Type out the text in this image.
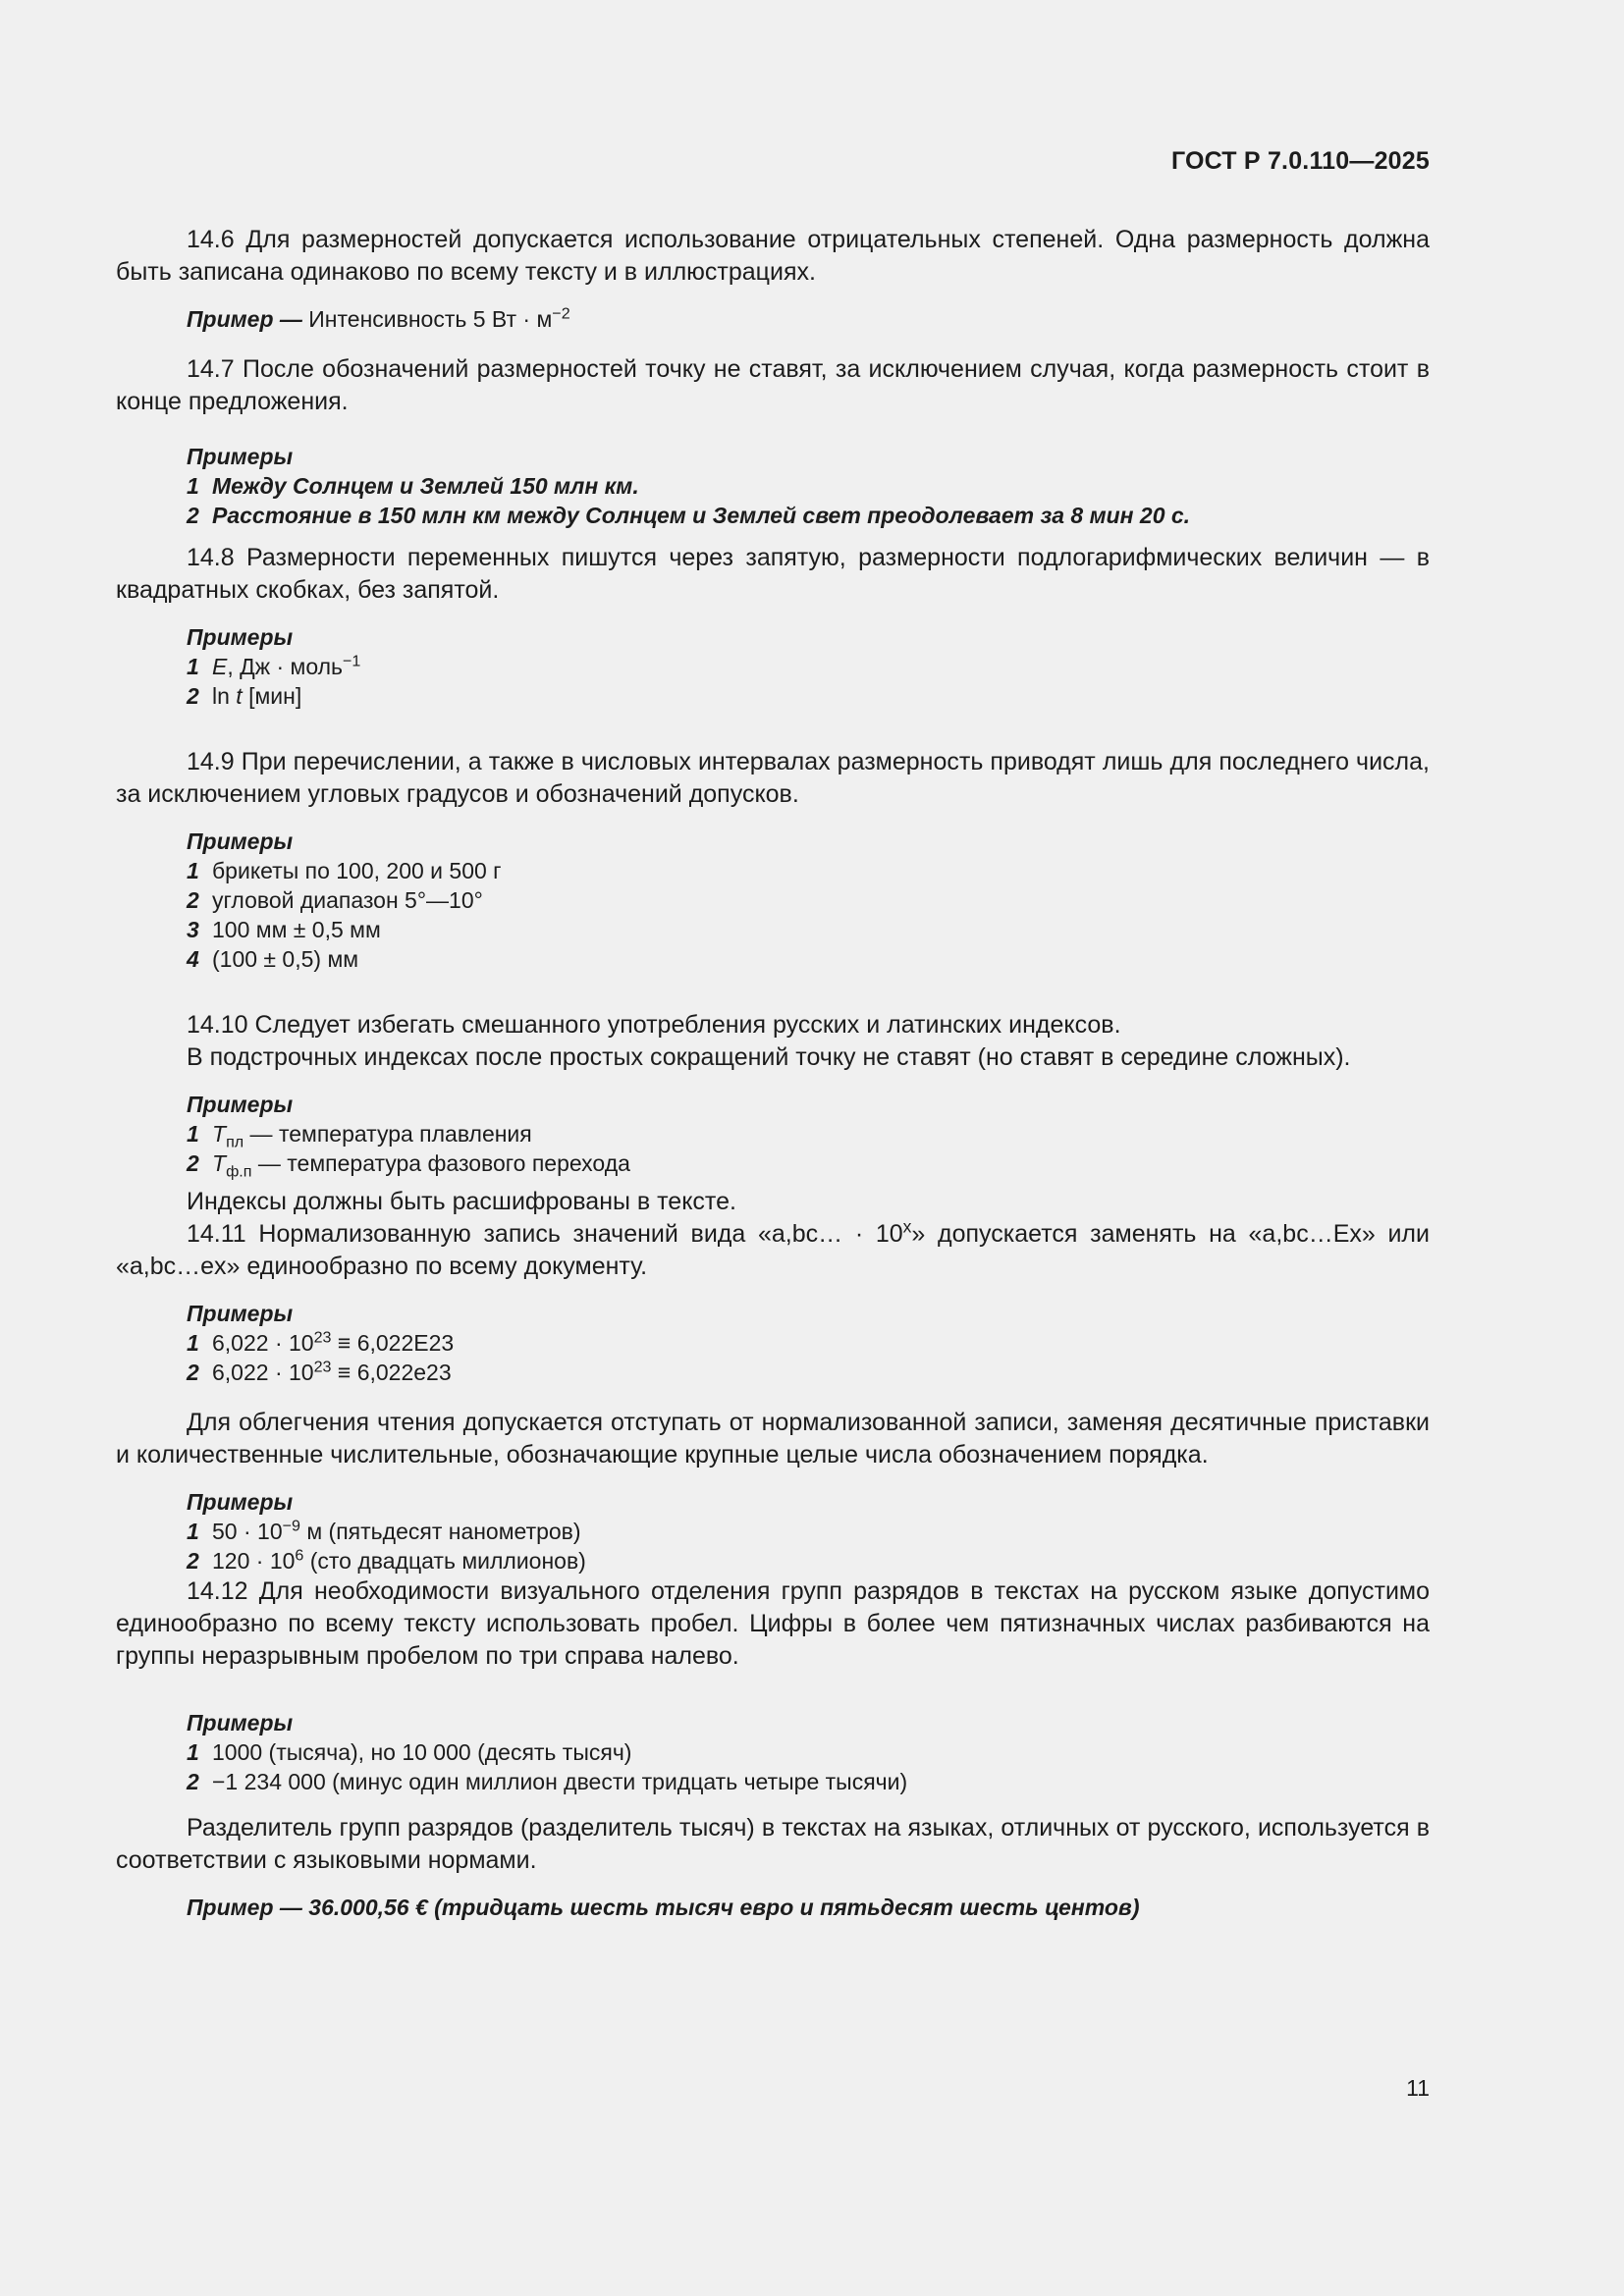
ГОСТ Р 7.0.110—2025

14.6 Для размерностей допускается использование отрицательных степеней. Одна размерность должна быть записана одинаково по всему тексту и в иллюстрациях.

Пример — Интенсивность 5 Вт · $м^{-2}$

14.7 После обозначений размерностей точку не ставят, за исключением случая, когда размерность стоит в конце предложения.

Примеры
1 Между Солнцем и Землей 150 млн км.
2 Расстояние в 150 млн км между Солнцем и Землей свет преодолевает за 8 мин 20 с.

14.8 Размерности переменных пишутся через запятую, размерности подлогарифмических величин — в квадратных скобках, без запятой.

Примеры
1 E, Дж · моль$^{-1}$
2 ln t [мин]

14.9 При перечислении, а также в числовых интервалах размерность приводят лишь для последнего числа, за исключением угловых градусов и обозначений допусков.

Примеры
1 брикеты по 100, 200 и 500 г
2 угловой диапазон 5°—10°
3 100 мм ± 0,5 мм
4 (100 ± 0,5) мм

14.10 Следует избегать смешанного употребления русских и латинских индексов.

В подстрочных индексах после простых сокращений точку не ставят (но ставят в середине сложных).

Примеры
1 $T_{пл}$ — температура плавления
2 $T_{ф.п}$ — температура фазового перехода

Индексы должны быть расшифрованы в тексте.

14.11 Нормализованную запись значений вида «a,bc… · $10^x$» допускается заменять на «a,bc…Ex» или «a,bc…ex» единообразно по всему документу.

Примеры
1 $6,022 \cdot 10^{23} \equiv 6,022E23$
2 $6,022 \cdot 10^{23} \equiv 6,022e23$

Для облегчения чтения допускается отступать от нормализованной записи, заменяя десятичные приставки и количественные числительные, обозначающие крупные целые числа обозначением порядка.

Примеры
1 $50 \cdot 10^{-9}$ м (пятьдесят нанометров)
2 $120 \cdot 10^6$ (сто двадцать миллионов)

14.12 Для необходимости визуального отделения групп разрядов в текстах на русском языке допустимо единообразно по всему тексту использовать пробел. Цифры в более чем пятизначных числах разбиваются на группы неразрывным пробелом по три справа налево.

Примеры
1 1000 (тысяча), но 10 000 (десять тысяч)
2 −1 234 000 (минус один миллион двести тридцать четыре тысячи)

Разделитель групп разрядов (разделитель тысяч) в текстах на языках, отличных от русского, используется в соответствии с языковыми нормами.

Пример — 36.000,56 € (тридцать шесть тысяч евро и пятьдесят шесть центов)
11
